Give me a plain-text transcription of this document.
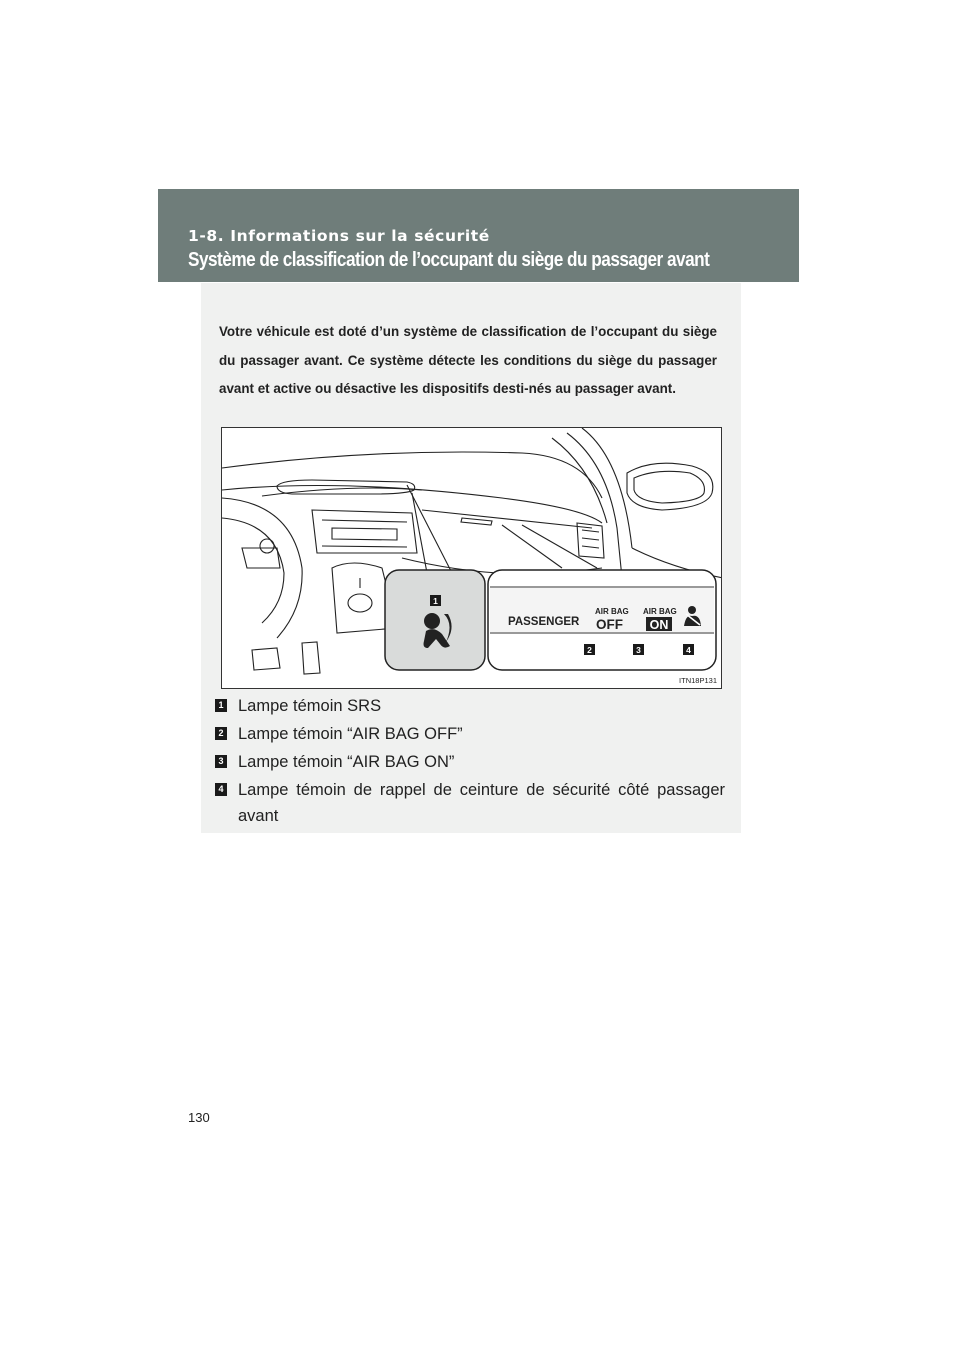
1-8. Informations sur la sécurité
Système de classification de l’occupant du siège du passager avant
Votre véhicule est doté d’un système de classification de l’occupant du siège du passager avant. Ce système détecte les conditions du siège du passager avant et active ou désactive les dispositifs desti-nés au passager avant.
1
2	3	4
PASSENGER
AIR BAG
OFF
AIR BAG
ON
ITN18P131
1 Lampe témoin SRS
2 Lampe témoin “AIR BAG OFF”
3 Lampe témoin “AIR BAG ON”
4 Lampe témoin de rappel de ceinture de sécurité côté passager avant
130
